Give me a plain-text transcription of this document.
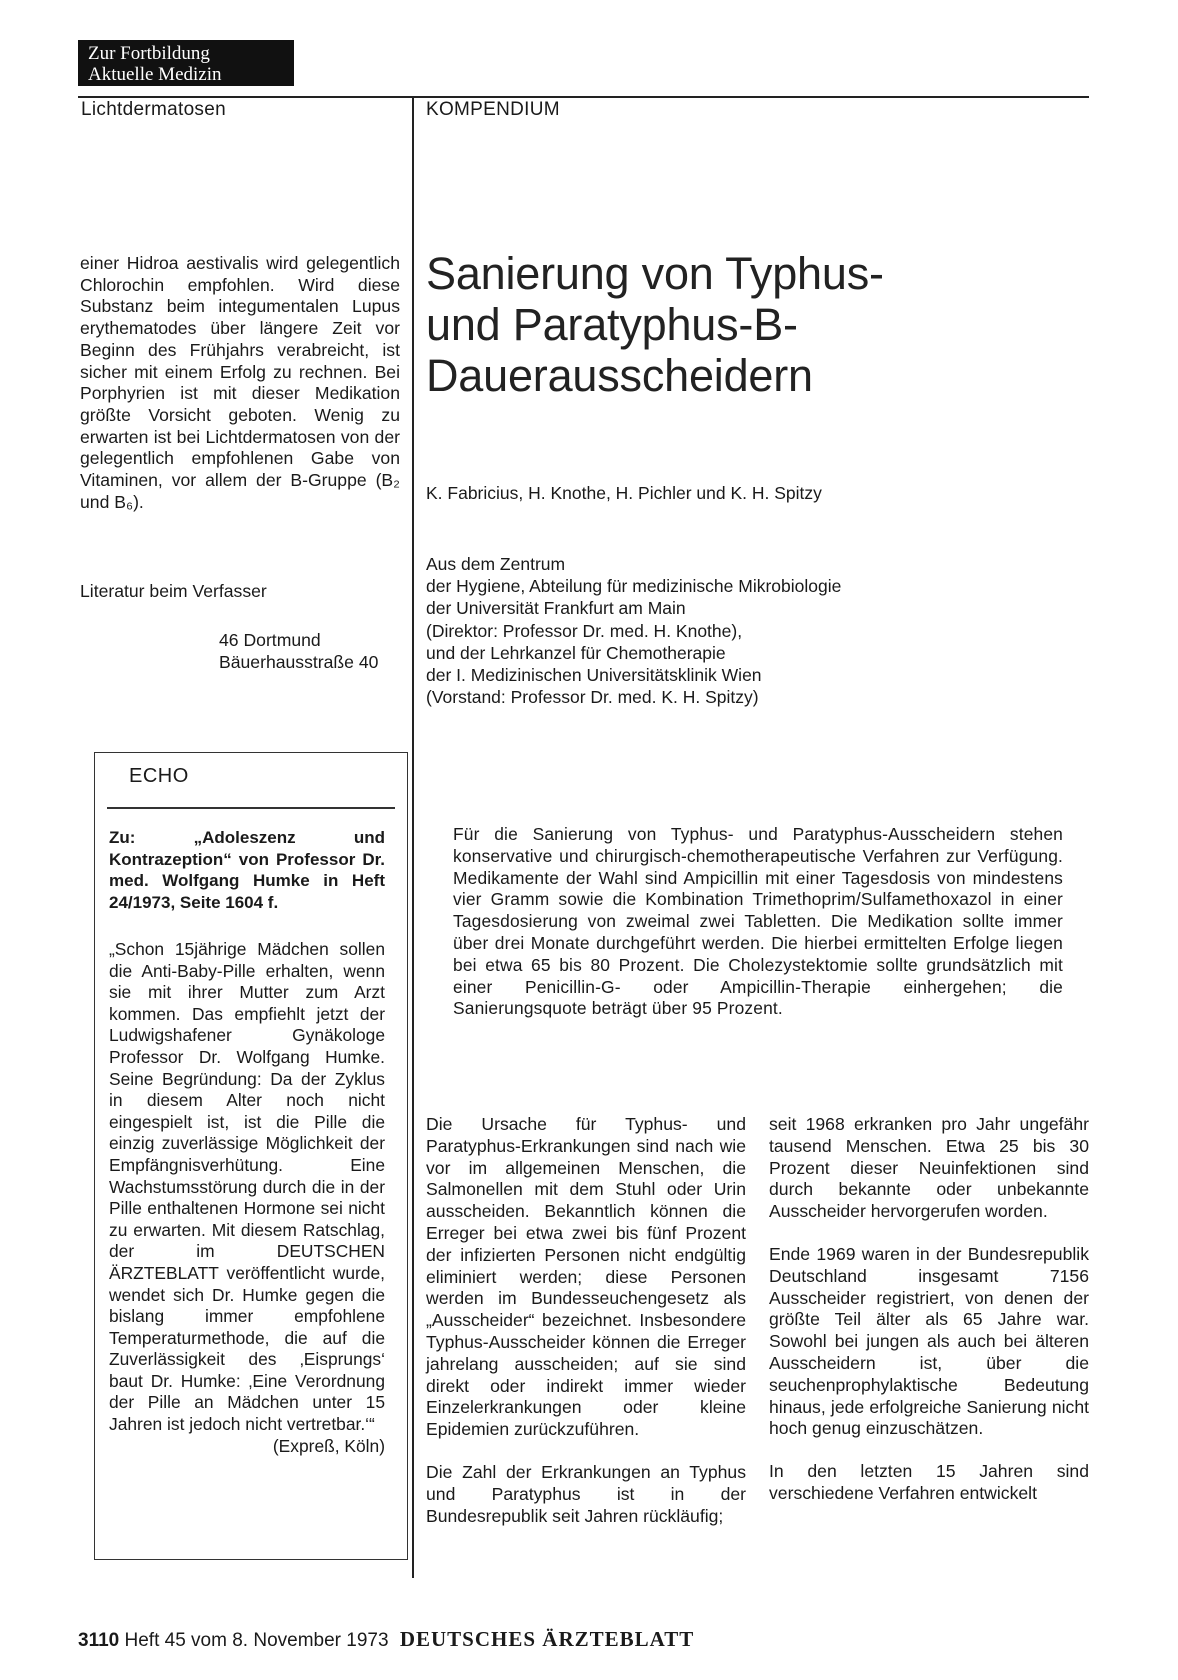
Zur Fortbildung
Aktuelle Medizin
Lichtdermatosen	KOMPENDIUM

einer Hidroa aestivalis wird gelegentlich Chlorochin empfohlen. Wird diese Substanz beim integumentalen Lupus erythematodes über längere Zeit vor Beginn des Frühjahrs verabreicht, ist sicher mit einem Erfolg zu rechnen. Bei Porphyrien ist mit dieser Medikation größte Vorsicht geboten. Wenig zu erwarten ist bei Lichtdermatosen von der gelegentlich empfohlenen Gabe von Vitaminen, vor allem der B-Gruppe (B₂ und B₆).

Literatur beim Verfasser
46 Dortmund
Bäuerhausstraße 40
Sanierung von Typhus-
und Paratyphus-B-
Dauerausscheidern
K. Fabricius, H. Knothe, H. Pichler und K. H. Spitzy
Aus dem Zentrum
der Hygiene, Abteilung für medizinische Mikrobiologie
der Universität Frankfurt am Main
(Direktor: Professor Dr. med. H. Knothe),
und der Lehrkanzel für Chemotherapie
der I. Medizinischen Universitätsklinik Wien
(Vorstand: Professor Dr. med. K. H. Spitzy)
ECHO
Zu: „Adoleszenz und Kontrazeption“ von Professor Dr. med. Wolfgang Humke in Heft 24/1973, Seite 1604 f.
„Schon 15jährige Mädchen sollen die Anti-Baby-Pille erhalten, wenn sie mit ihrer Mutter zum Arzt kommen. Das empfiehlt jetzt der Ludwigshafener Gynäkologe Professor Dr. Wolfgang Humke. Seine Begründung: Da der Zyklus in diesem Alter noch nicht eingespielt ist, ist die Pille die einzig zuverlässige Möglichkeit der Empfängnisverhütung. Eine Wachstumsstörung durch die in der Pille enthaltenen Hormone sei nicht zu erwarten. Mit diesem Ratschlag, der im DEUTSCHEN ÄRZTEBLATT veröffentlicht wurde, wendet sich Dr. Humke gegen die bislang immer empfohlene Temperaturmethode, die auf die Zuverlässigkeit des ‚Eisprungs‘ baut Dr. Humke: ‚Eine Verordnung der Pille an Mädchen unter 15 Jahren ist jedoch nicht vertretbar.‘“
(Expreß, Köln)
Für die Sanierung von Typhus- und Paratyphus-Ausscheidern stehen konservative und chirurgisch-chemotherapeutische Verfahren zur Verfügung. Medikamente der Wahl sind Ampicillin mit einer Tagesdosis von mindestens vier Gramm sowie die Kombination Trimethoprim/Sulfamethoxazol in einer Tagesdosierung von zweimal zwei Tabletten. Die Medikation sollte immer über drei Monate durchgeführt werden. Die hierbei ermittelten Erfolge liegen bei etwa 65 bis 80 Prozent. Die Cholezystektomie sollte grundsätzlich mit einer Penicillin-G- oder Ampicillin-Therapie einhergehen; die Sanierungsquote beträgt über 95 Prozent.

Die Ursache für Typhus- und Paratyphus-Erkrankungen sind nach wie vor im allgemeinen Menschen, die Salmonellen mit dem Stuhl oder Urin ausscheiden. Bekanntlich können die Erreger bei etwa zwei bis fünf Prozent der infizierten Personen nicht endgültig eliminiert werden; diese Personen werden im Bundesseuchengesetz als „Ausscheider“ bezeichnet. Insbesondere Typhus-Ausscheider können die Erreger jahrelang ausscheiden; auf sie sind direkt oder indirekt immer wieder Einzelerkrankungen oder kleine Epidemien zurückzuführen.

Die Zahl der Erkrankungen an Typhus und Paratyphus ist in der Bundesrepublik seit Jahren rückläufig;

seit 1968 erkranken pro Jahr ungefähr tausend Menschen. Etwa 25 bis 30 Prozent dieser Neuinfektionen sind durch bekannte oder unbekannte Ausscheider hervorgerufen worden.

Ende 1969 waren in der Bundesrepublik Deutschland insgesamt 7156 Ausscheider registriert, von denen der größte Teil älter als 65 Jahre war. Sowohl bei jungen als auch bei älteren Ausscheidern ist, über die seuchenprophylaktische Bedeutung hinaus, jede erfolgreiche Sanierung nicht hoch genug einzuschätzen.

In den letzten 15 Jahren sind verschiedene Verfahren entwickelt

3110 Heft 45 vom 8. November 1973 DEUTSCHES ÄRZTEBLATT
